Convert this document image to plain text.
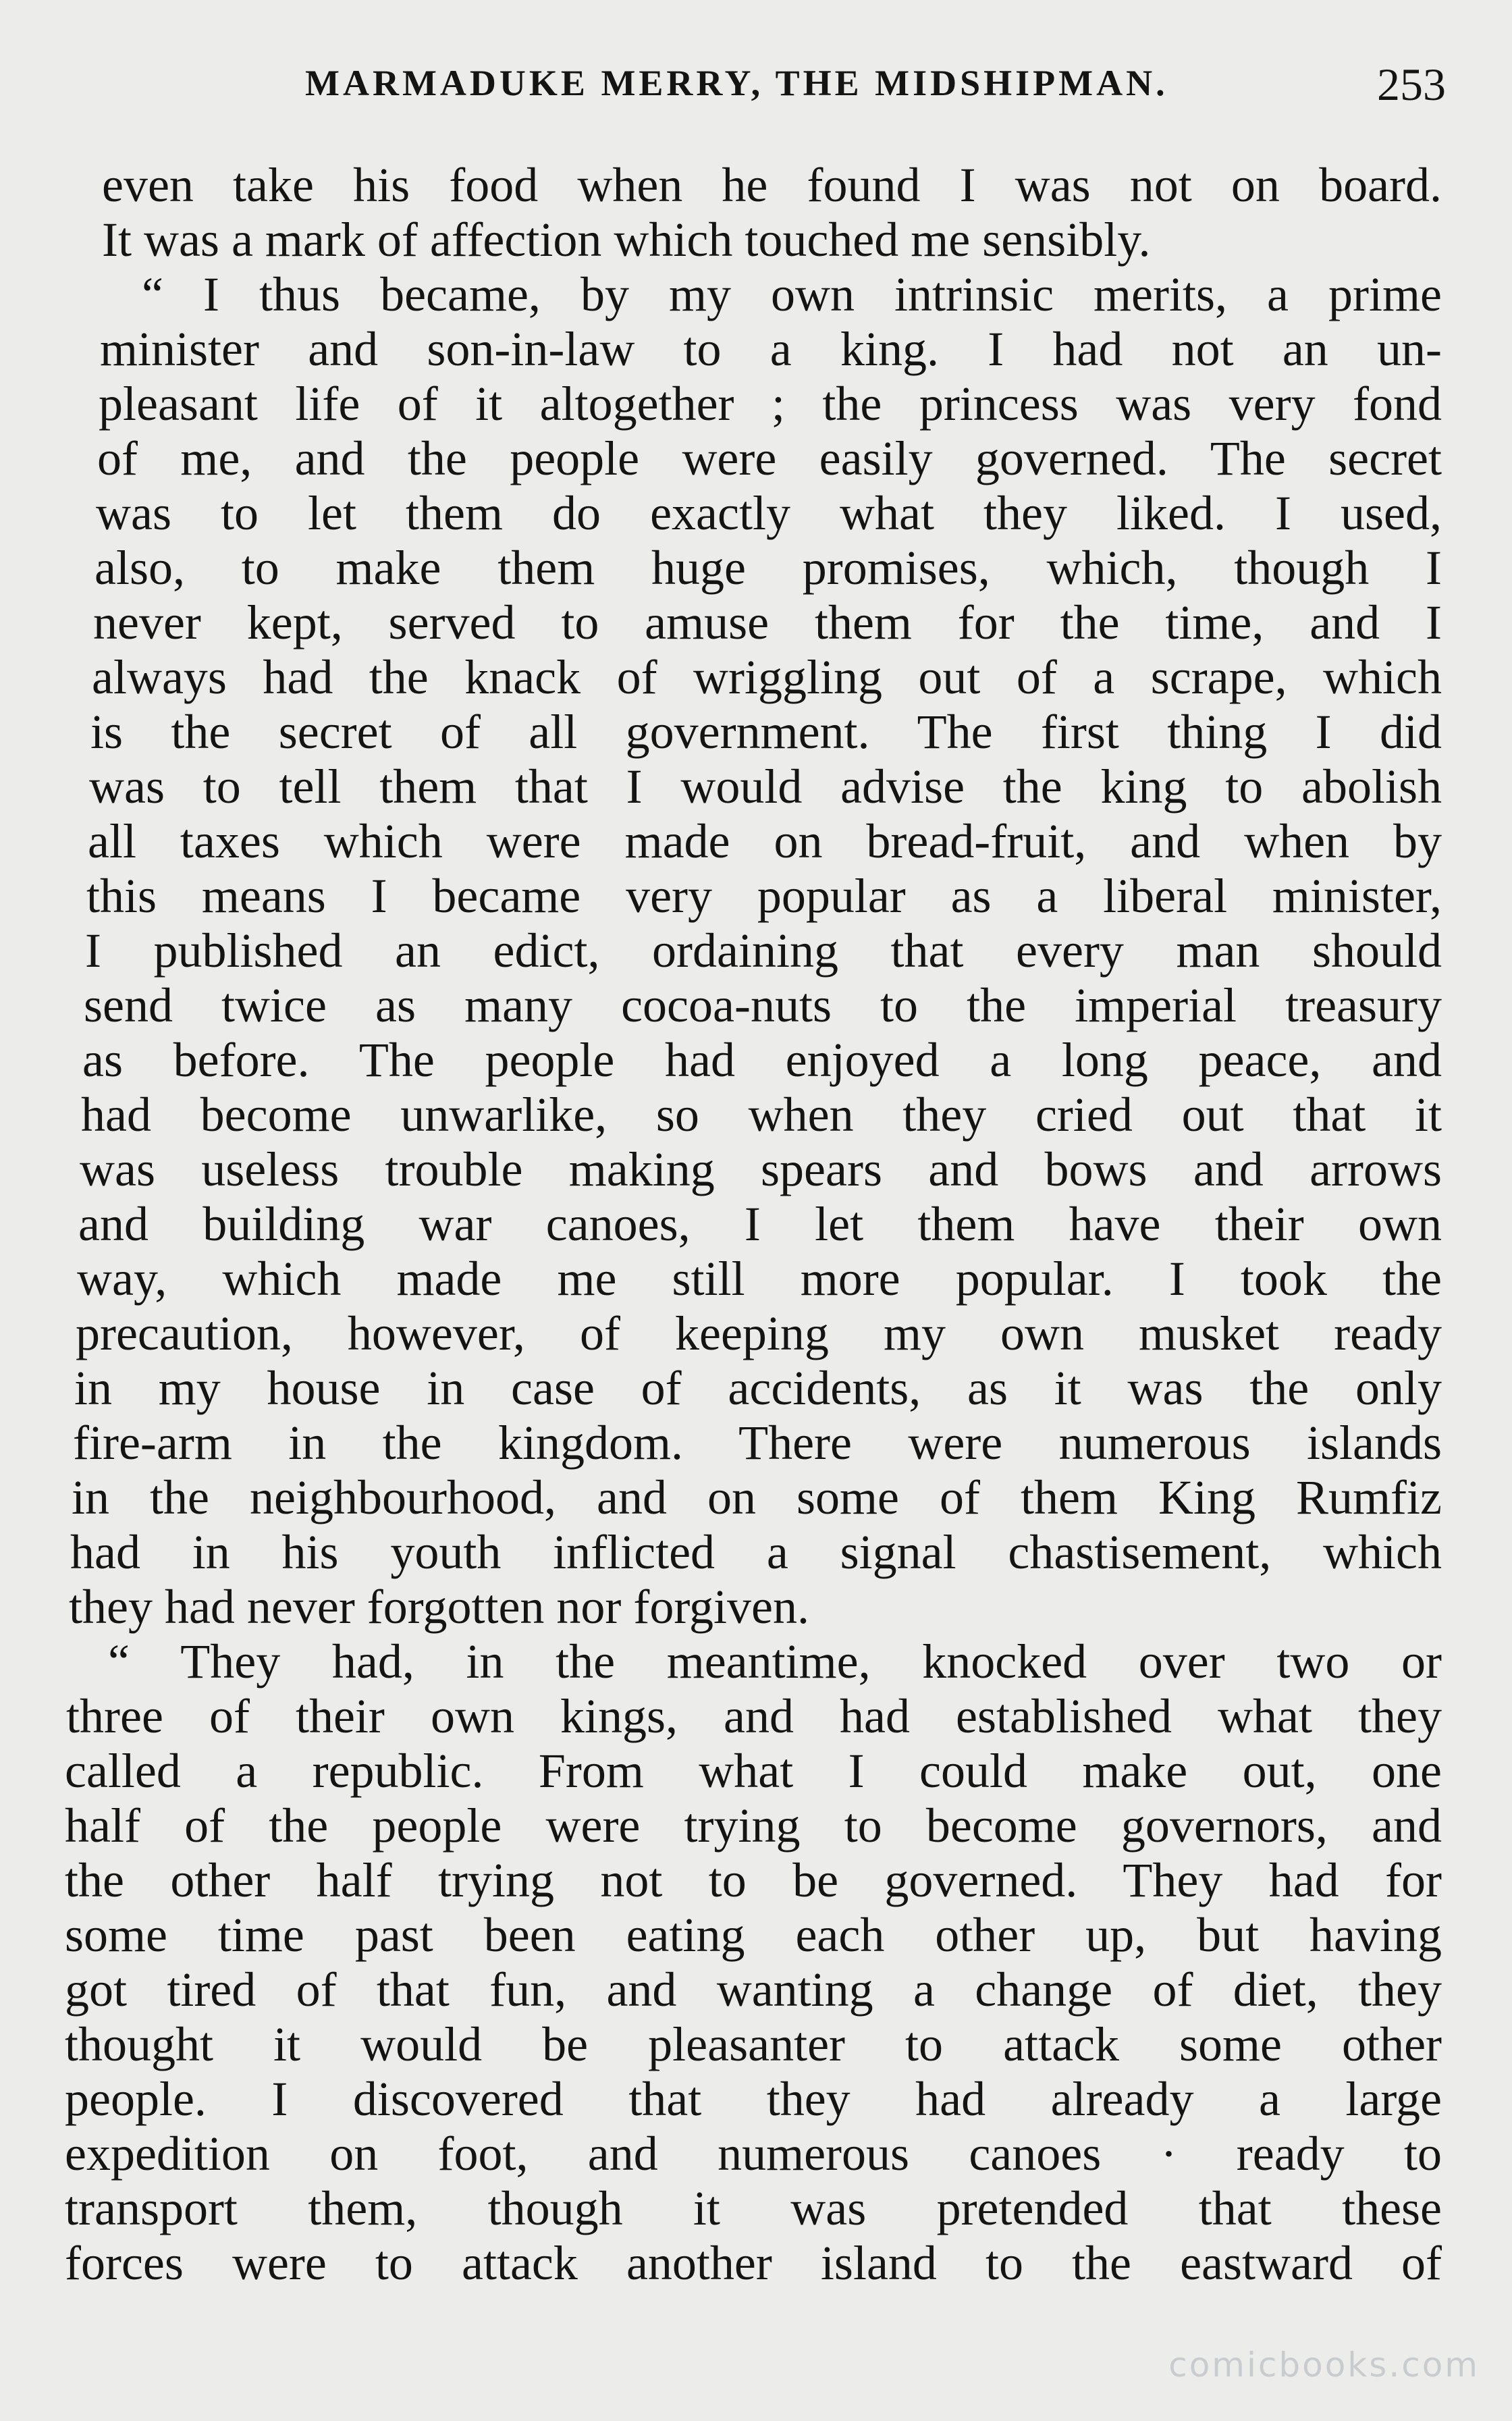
MARMADUKE MERRY, THE MIDSHIPMAN.	253
even take his food when he found I was not on board.
It was a mark of affection which touched me sensibly.
“ I thus became, by my own intrinsic merits, a prime
minister and son-in-law to a king. I had not an un-
pleasant life of it altogether ; the princess was very fond
of me, and the people were easily governed. The secret
was to let them do exactly what they liked. I used,
also, to make them huge promises, which, though I
never kept, served to amuse them for the time, and I
always had the knack of wriggling out of a scrape, which
is the secret of all government. The first thing I did
was to tell them that I would advise the king to abolish
all taxes which were made on bread-fruit, and when by
this means I became very popular as a liberal minister,
I published an edict, ordaining that every man should
send twice as many cocoa-nuts to the imperial treasury
as before. The people had enjoyed a long peace, and
had become unwarlike, so when they cried out that it
was useless trouble making spears and bows and arrows
and building war canoes, I let them have their own
way, which made me still more popular. I took the
precaution, however, of keeping my own musket ready
in my house in case of accidents, as it was the only
fire-arm in the kingdom. There were numerous islands
in the neighbourhood, and on some of them King Rumfiz
had in his youth inflicted a signal chastisement, which
they had never forgotten nor forgiven.
“ They had, in the meantime, knocked over two or
three of their own kings, and had established what they
called a republic. From what I could make out, one
half of the people were trying to become governors, and
the other half trying not to be governed. They had for
some time past been eating each other up, but having
got tired of that fun, and wanting a change of diet, they
thought it would be pleasanter to attack some other
people. I discovered that they had already a large
expedition on foot, and numerous canoes · ready to
transport them, though it was pretended that these
forces were to attack another island to the eastward of
comicbooks.com
